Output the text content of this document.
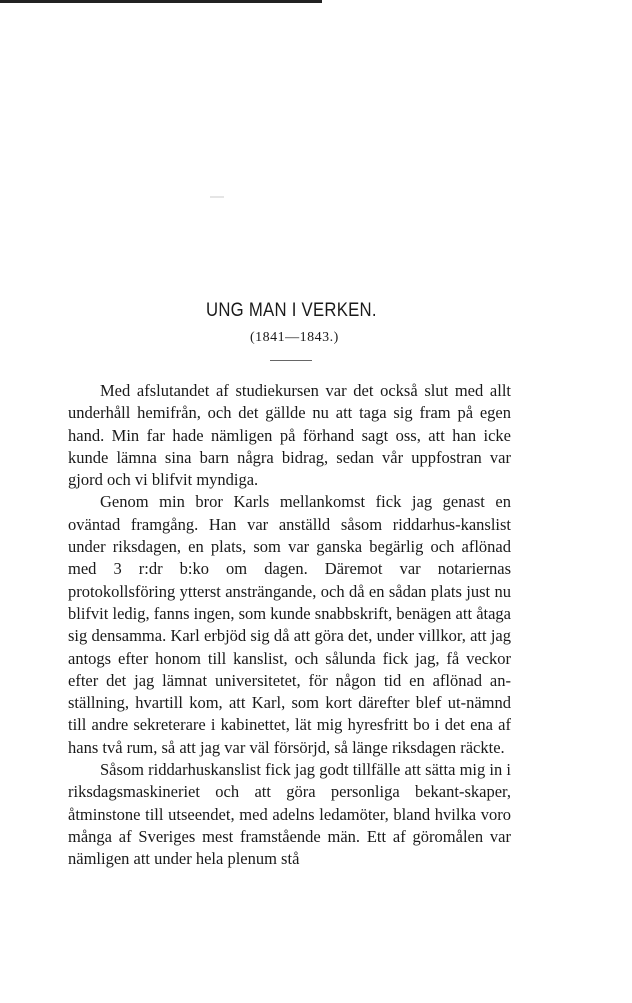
UNG MAN I VERKEN.
(1841—1843.)

Med afslutandet af studiekursen var det också slut med allt underhåll hemifrån, och det gällde nu att taga sig fram på egen hand. Min far hade nämligen på förhand sagt oss, att han icke kunde lämna sina barn några bidrag, sedan vår uppfostran var gjord och vi blifvit myndiga.

Genom min bror Karls mellankomst fick jag genast en oväntad framgång. Han var anställd såsom riddarhus-kanslist under riksdagen, en plats, som var ganska begärlig och aflönad med 3 r:dr b:ko om dagen. Däremot var notariernas protokollsföring ytterst ansträngande, och då en sådan plats just nu blifvit ledig, fanns ingen, som kunde snabbskrift, benägen att åtaga sig densamma. Karl erbjöd sig då att göra det, under villkor, att jag antogs efter honom till kanslist, och sålunda fick jag, få veckor efter det jag lämnat universitetet, för någon tid en aflönad an-ställning, hvartill kom, att Karl, som kort därefter blef ut-nämnd till andre sekreterare i kabinettet, lät mig hyresfritt bo i det ena af hans två rum, så att jag var väl försörjd, så länge riksdagen räckte.

Såsom riddarhuskanslist fick jag godt tillfälle att sätta mig in i riksdagsmaskineriet och att göra personliga bekant-skaper, åtminstone till utseendet, med adelns ledamöter, bland hvilka voro många af Sveriges mest framstående män. Ett af göromålen var nämligen att under hela plenum stå
